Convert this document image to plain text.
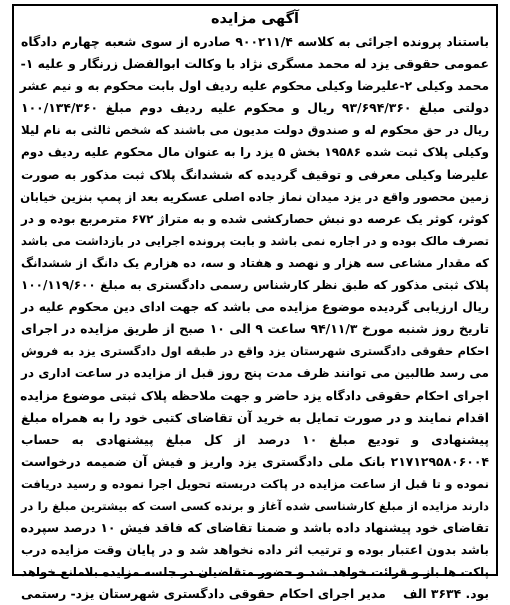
آگهی مزایده
باستناد پرونده اجرائی به کلاسه ۹۰۰۲۱۱/۴ صادره از سوی شعبه چهارم دادگاه
عمومی حقوقی یزد له محمد مسگری نژاد با وکالت ابوالفضل زرنگار و علیه ۱-
محمد وکیلی ۲-علیرضا وکیلی محکوم علیه ردیف اول بابت محکوم به و نیم عشر
دولتی مبلغ ۹۳/۶۹۴/۳۶۰ ریال و محکوم علیه ردیف دوم مبلغ ۱۰۰/۱۳۴/۳۶۰
ریال در حق محکوم له و صندوق دولت مدیون می باشند که شخص ثالثی به نام لیلا
وکیلی پلاک ثبت شده ۱۹۵۸۶ بخش ۵ یزد را به عنوان مال محکوم علیه ردیف دوم
علیرضا وکیلی معرفی و توقیف گردیده که ششدانگ پلاک ثبت مذکور به صورت
زمین محصور واقع در یزد میدان نماز جاده اصلی عسکریه بعد از پمپ بنزین خیابان
کوثر، کوثر یک عرصه دو نبش حصارکشی شده و به متراژ ۶۷۲ مترمربع بوده و در
تصرف مالک بوده و در اجاره نمی باشد و بابت پرونده اجرایی در بازداشت می باشد
که مقدار مشاعی سه هزار و نهصد و هفتاد و سه، ده هزارم یک دانگ از ششدانگ
پلاک ثبتی مذکور که طبق نظر کارشناس رسمی دادگستری به مبلغ ۱۰۰/۱۱۹/۶۰۰
ریال ارزیابی گردیده موضوع مزایده می باشد که جهت ادای دین محکوم علیه در
تاریخ روز شنبه مورخ ۹۴/۱۱/۳ ساعت ۹ الی ۱۰ صبح از طریق مزایده در اجرای
احکام حقوقی دادگستری شهرستان یزد واقع در طبقه اول دادگستری یزد به فروش
می رسد طالبین می توانند ظرف مدت پنج روز قبل از مزایده در ساعت اداری در
اجرای احکام حقوقی دادگاه یزد حاضر و جهت ملاحظه پلاک ثبتی موضوع مزایده
اقدام نمایند و در صورت تمایل به خرید آن تقاضای کتبی خود را به همراه مبلغ
پیشنهادی و تودیع مبلغ ۱۰ درصد از کل مبلغ پیشنهادی به حساب
۲۱۷۱۲۹۵۸۰۶۰۰۴ بانک ملی دادگستری یزد واریز و فیش آن ضمیمه درخواست
نموده و تا قبل از ساعت مزایده در پاکت دربسته تحویل اجرا نموده و رسید دریافت
دارند مزایده از مبلغ کارشناسی شده آغاز و برنده کسی است که بیشترین مبلغ را در
تقاضای خود پیشنهاد داده باشد و ضمنا تقاضای که فاقد فیش ۱۰ درصد سپرده
باشد بدون اعتبار بوده و ترتیب اثر داده نخواهد شد و در پایان وقت مزایده درب
پاکت ها باز و قرائت خواهد شد و حضور متقاضیان در جلسه مزایده بلامانع خواهد
بود. ۳۶۳۴ الف
مدیر اجرای احکام حقوقی دادگستری شهرستان یزد- رستمی
